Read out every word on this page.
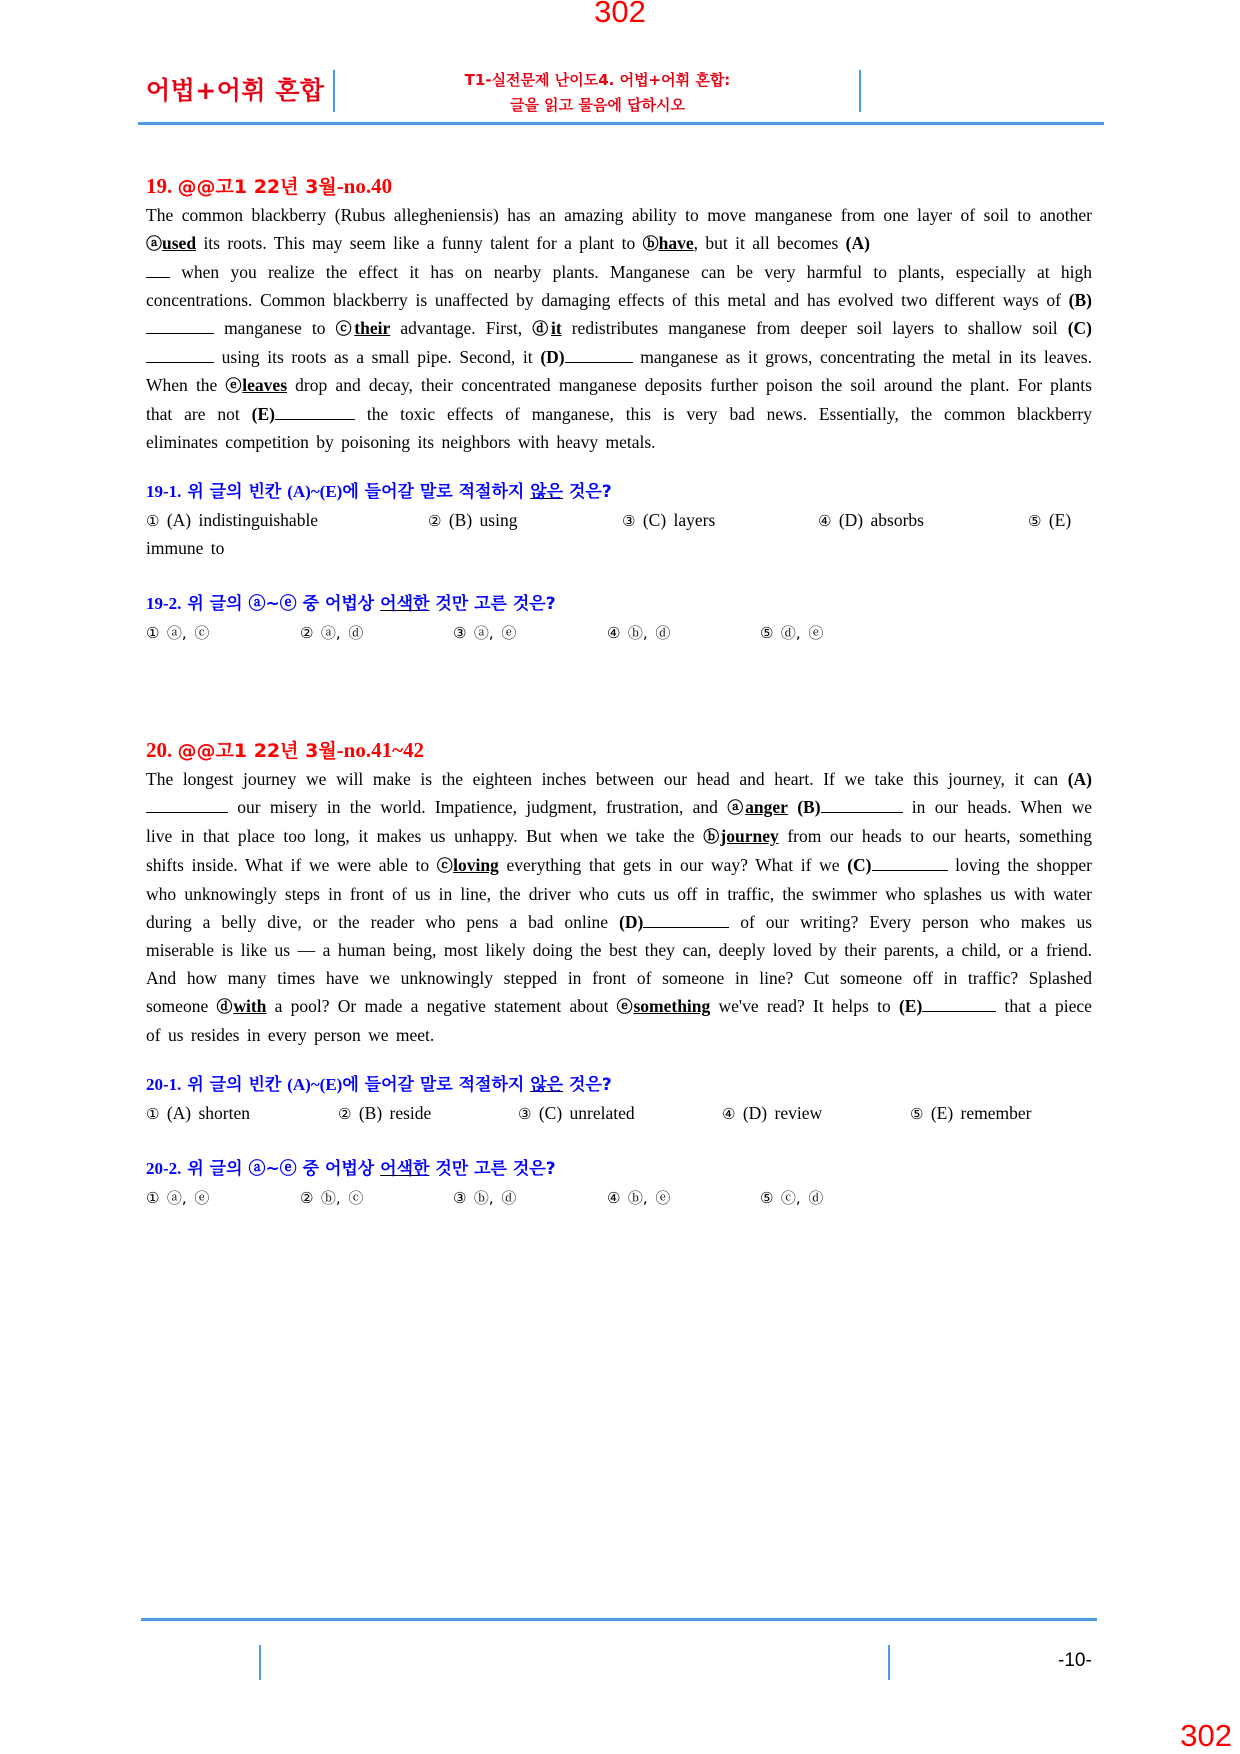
302
어법+어휘 혼합	T1-실전문제 난이도4. 어법+어휘 혼합:
글을 읽고 물음에 답하시오
19. @@고1 22년 3월-no.40
The common blackberry (Rubus allegheniensis) has an amazing ability to move manganese from one layer of soil to another ⓐused its roots. This may seem like a funny talent for a plant to ⓑhave, but it all becomes (A)
when you realize the effect it has on nearby plants. Manganese can be very harmful to plants, especially at high concentrations. Common blackberry is unaffected by damaging effects of this metal and has evolved two different ways of (B) manganese to ⓒtheir advantage. First, ⓓit redistributes manganese from deeper soil layers to shallow soil (C) using its roots as a small pipe. Second, it (D)	manganese as it grows, concentrating the metal in its leaves. When the ⓔleaves drop and decay, their concentrated manganese deposits further poison the soil around the plant. For plants that are not (E)	the toxic effects of manganese, this is very bad news. Essentially, the common blackberry eliminates competition by poisoning its neighbors with heavy metals.
19-1. 위 글의 빈칸 (A)~(E)에 들어갈 말로 적절하지 않은 것은?
① (A) indistinguishable	② (B) using	③ (C) layers	④ (D) absorbs	⑤ (E)
immune to
19-2. 위 글의 ⓐ~ⓔ 중 어법상 어색한 것만 고른 것은?
① ⓐ, ⓒ	② ⓐ, ⓓ	③ ⓐ, ⓔ	④ ⓑ, ⓓ	⑤ ⓓ, ⓔ
20. @@고1 22년 3월-no.41~42
The longest journey we will make is the eighteen inches between our head and heart. If we take this journey, it can (A) our misery in the world. Impatience, judgment, frustration, and ⓐanger (B)	in our heads. When we live in that place too long, it makes us unhappy. But when we take the ⓑjourney from our heads to our hearts, something shifts inside. What if we were able to ⓒloving everything that gets in our way? What if we (C)	loving the shopper who unknowingly steps in front of us in line, the driver who cuts us off in traffic, the swimmer who splashes us with water during a belly dive, or the reader who pens a bad online (D)	of our writing? Every person who makes us miserable is like us — a human being, most likely doing the best they can, deeply loved by their parents, a child, or a friend. And how many times have we unknowingly stepped in front of someone in line? Cut someone off in traffic? Splashed someone ⓓwith a pool? Or made a negative statement about ⓔsomething we've read? It helps to (E)	that a piece of us resides in every person we meet.
20-1. 위 글의 빈칸 (A)~(E)에 들어갈 말로 적절하지 않은 것은?
① (A) shorten	② (B) reside	③ (C) unrelated	④ (D) review	⑤ (E) remember
20-2. 위 글의 ⓐ~ⓔ 중 어법상 어색한 것만 고른 것은?
① ⓐ, ⓔ	② ⓑ, ⓒ	③ ⓑ, ⓓ	④ ⓑ, ⓔ	⑤ ⓒ, ⓓ
-10-
302
